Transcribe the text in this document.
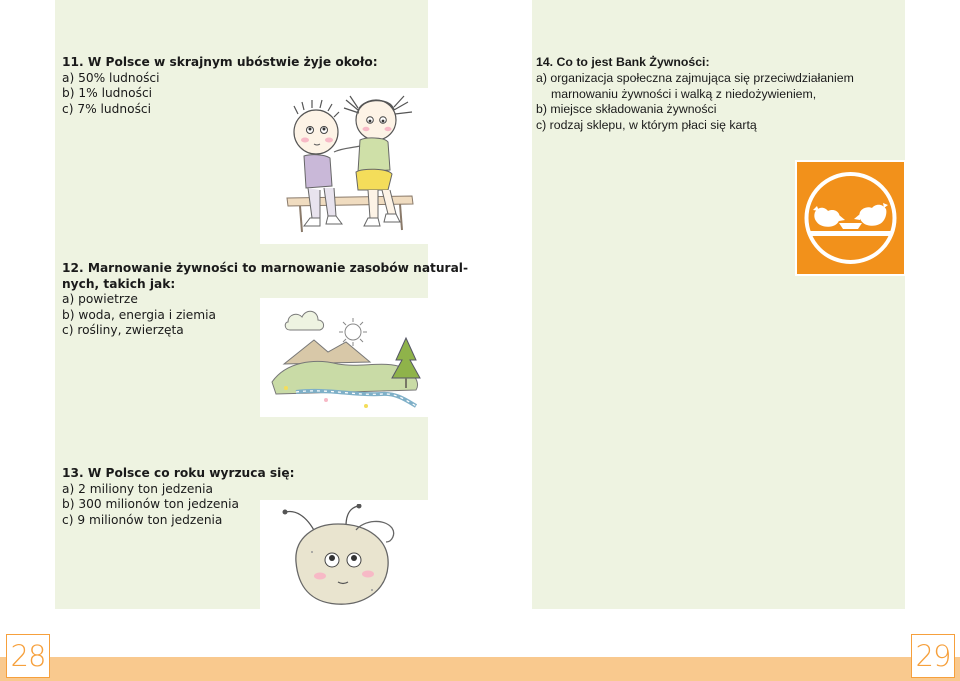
11. W Polsce w skrajnym ubóstwie żyje około:
a) 50% ludności
b) 1% ludności
c) 7% ludności
12. Marnowanie żywności to marnowanie zasobów natural-
nych, takich jak:
a) powietrze
b) woda, energia i ziemia
c) rośliny, zwierzęta
13. W Polsce co roku wyrzuca się:
a) 2 miliony ton jedzenia
b) 300 milionów ton jedzenia
c) 9 milionów ton jedzenia
14. Co to jest Bank Żywności:
a) organizacja społeczna zajmująca się przeciwdziałaniem
marnowaniu żywności i walką z niedożywieniem,
b) miejsce składowania żywności
c) rodzaj sklepu, w którym płaci się kartą
28	29
